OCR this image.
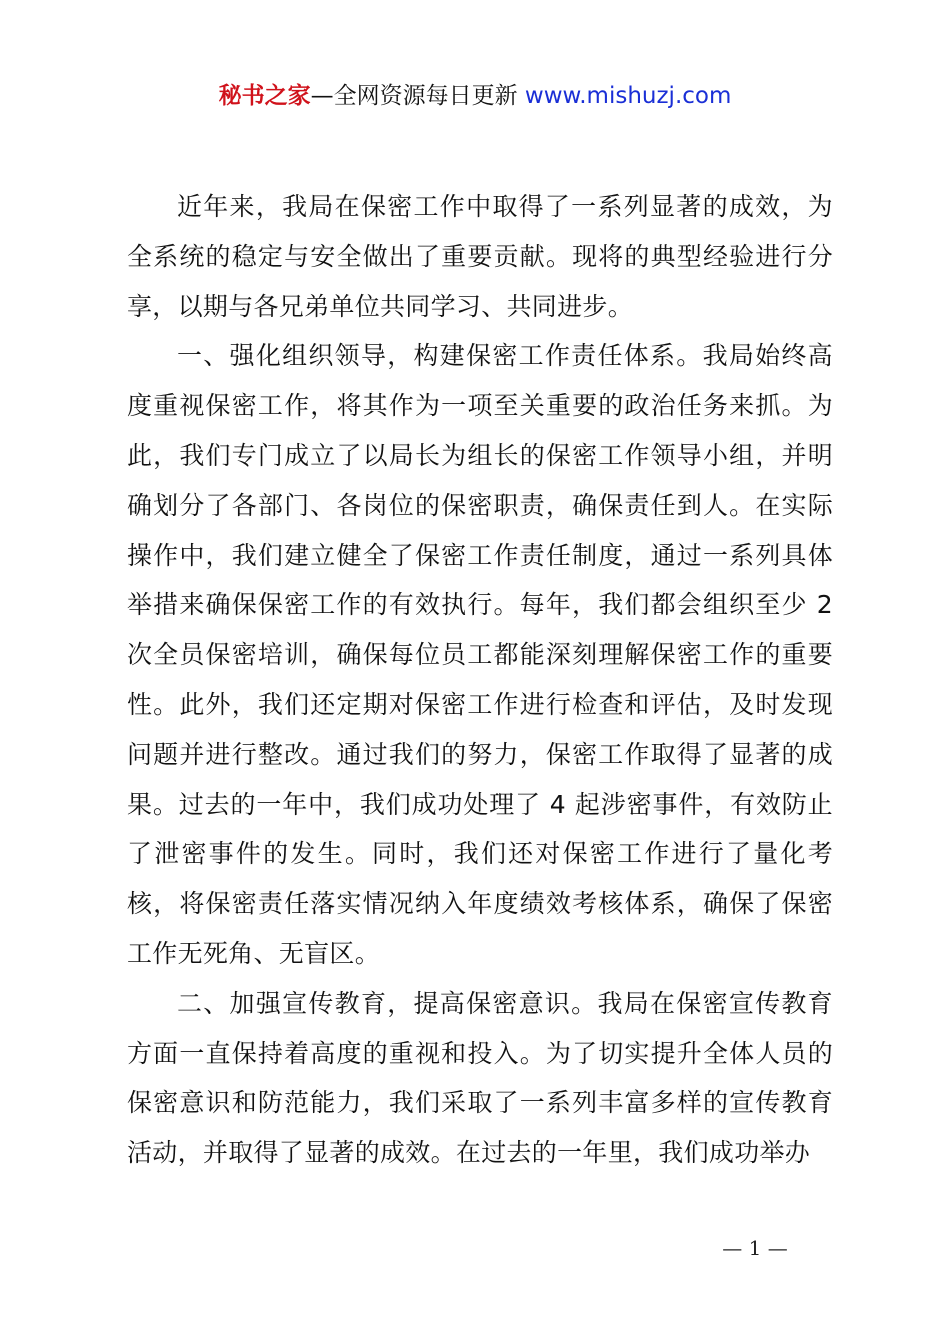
秘书之家—全网资源每日更新 www.mishuzj.com

近年来，我局在保密工作中取得了一系列显著的成效，为全系统的稳定与安全做出了重要贡献。现将的典型经验进行分享，以期与各兄弟单位共同学习、共同进步。

一、强化组织领导，构建保密工作责任体系。我局始终高度重视保密工作，将其作为一项至关重要的政治任务来抓。为此，我们专门成立了以局长为组长的保密工作领导小组，并明确划分了各部门、各岗位的保密职责，确保责任到人。在实际操作中，我们建立健全了保密工作责任制度，通过一系列具体举措来确保保密工作的有效执行。每年，我们都会组织至少 2 次全员保密培训，确保每位员工都能深刻理解保密工作的重要性。此外，我们还定期对保密工作进行检查和评估，及时发现问题并进行整改。通过我们的努力，保密工作取得了显著的成果。过去的一年中，我们成功处理了 4 起涉密事件，有效防止了泄密事件的发生。同时，我们还对保密工作进行了量化考核，将保密责任落实情况纳入年度绩效考核体系，确保了保密工作无死角、无盲区。

二、加强宣传教育，提高保密意识。我局在保密宣传教育方面一直保持着高度的重视和投入。为了切实提升全体人员的保密意识和防范能力，我们采取了一系列丰富多样的宣传教育活动，并取得了显著的成效。在过去的一年里，我们成功举办

— 1 —
